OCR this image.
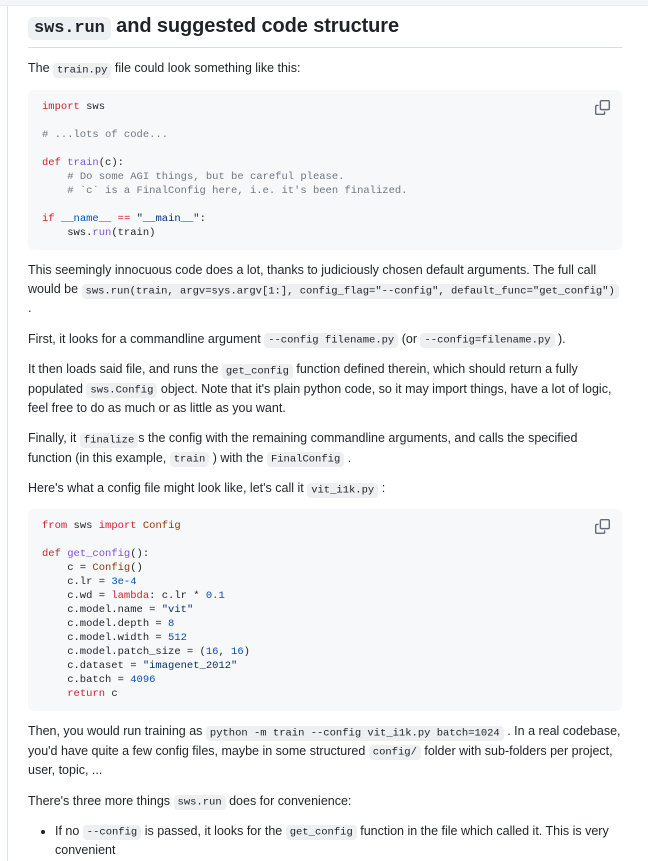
sws.run and suggested code structure

The train.py file could look something like this:

import sws

# ...lots of code...

def train(c):
# Do some AGI things, but be careful please.
# `c` is a FinalConfig here, i.e. it's been finalized.

if __name__ == "__main__":
sws.run(train)

This seemingly innocuous code does a lot, thanks to judiciously chosen default arguments. The full call would be sws.run(train, argv=sys.argv[1:], config_flag="--config", default_func="get_config") .

First, it looks for a commandline argument --config filename.py (or --config=filename.py ).

It then loads said file, and runs the get_config function defined therein, which should return a fully populated sws.Config object. Note that it's plain python code, so it may import things, have a lot of logic, feel free to do as much or as little as you want.

Finally, it finalize s the config with the remaining commandline arguments, and calls the specified function (in this example, train ) with the FinalConfig .

Here's what a config file might look like, let's call it vit_i1k.py :

from sws import Config

def get_config():
c = Config()
c.lr = 3e-4
c.wd = lambda: c.lr * 0.1
c.model.name = "vit"
c.model.depth = 8
c.model.width = 512
c.model.patch_size = (16, 16)
c.dataset = "imagenet_2012"
c.batch = 4096
return c

Then, you would run training as python -m train --config vit_i1k.py batch=1024 . In a real codebase, you'd have quite a few config files, maybe in some structured config/ folder with sub-folders per project, user, topic, ...

There's three more things sws.run does for convenience:

• If no --config is passed, it looks for the get_config function in the file which called it. This is very convenient
